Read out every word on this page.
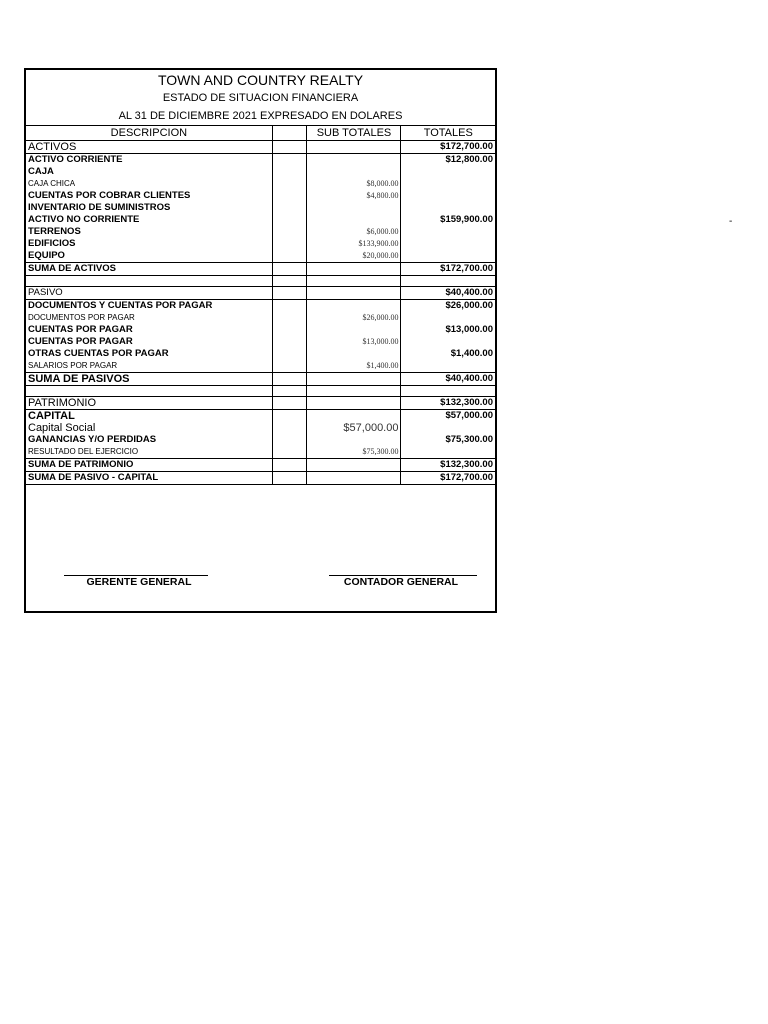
TOWN AND COUNTRY REALTY
ESTADO DE SITUACION FINANCIERA
AL 31 DE DICIEMBRE 2021 EXPRESADO EN DOLARES
DESCRIPCION		SUB TOTALES	TOTALES
ACTIVOS			$172,700.00
ACTIVO CORRIENTE			$12,800.00
CAJA			
CAJA CHICA		$8,000.00	
CUENTAS POR COBRAR CLIENTES		$4,800.00	
INVENTARIO DE SUMINISTROS			
ACTIVO NO CORRIENTE			$159,900.00
TERRENOS		$6,000.00	
EDIFICIOS		$133,900.00	
EQUIPO		$20,000.00	
SUMA DE ACTIVOS			$172,700.00

PASIVO			$40,400.00
DOCUMENTOS Y CUENTAS POR PAGAR			$26,000.00
DOCUMENTOS POR PAGAR		$26,000.00	
CUENTAS POR PAGAR			$13,000.00
CUENTAS POR PAGAR		$13,000.00	
OTRAS CUENTAS POR PAGAR			$1,400.00
SALARIOS POR PAGAR		$1,400.00	
SUMA DE PASIVOS			$40,400.00

PATRIMONIO			$132,300.00
CAPITAL			$57,000.00
Capital Social		$57,000.00	
GANANCIAS Y/O PERDIDAS			$75,300.00
RESULTADO DEL EJERCICIO		$75,300.00	
SUMA DE PATRIMONIO			$132,300.00
SUMA DE PASIVO - CAPITAL			$172,700.00
GERENTE GENERAL	CONTADOR GENERAL
-
